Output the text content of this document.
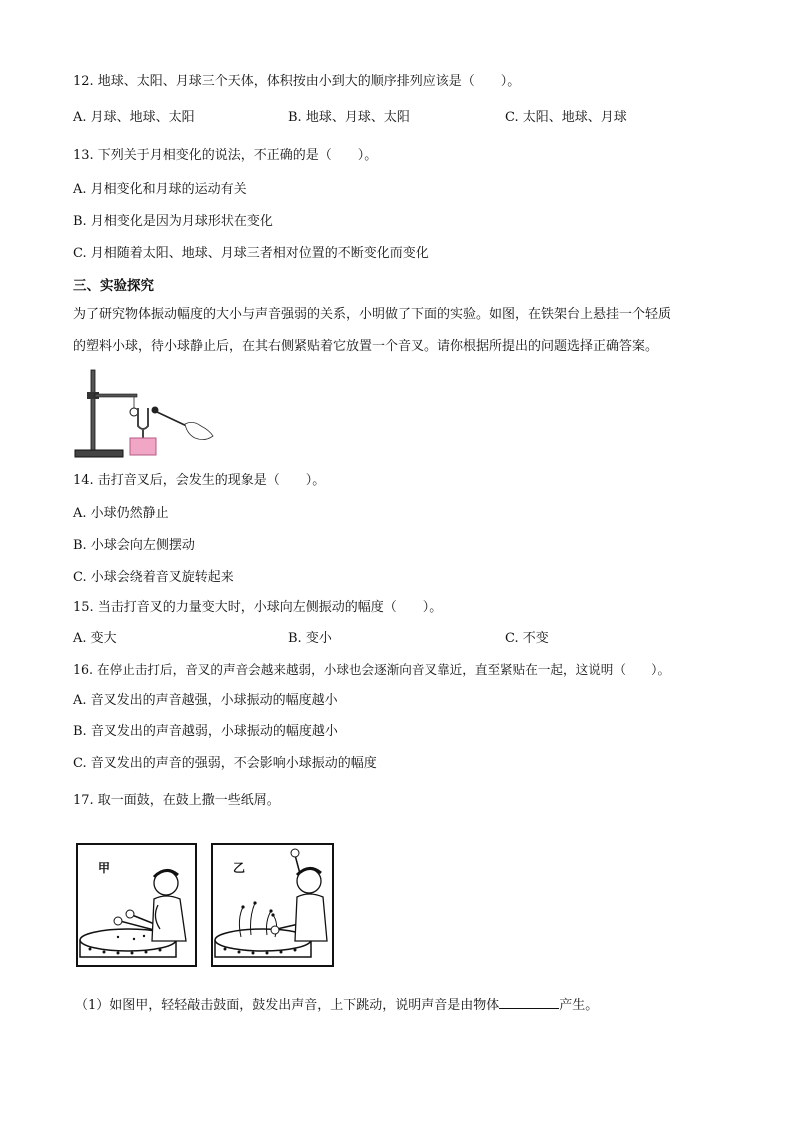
12. 地球、太阳、月球三个天体，体积按由小到大的顺序排列应该是（　　）。
A. 月球、地球、太阳	B. 地球、月球、太阳	C. 太阳、地球、月球
13. 下列关于月相变化的说法，不正确的是（　　）。
A. 月相变化和月球的运动有关
B. 月相变化是因为月球形状在变化
C. 月相随着太阳、地球、月球三者相对位置的不断变化而变化
三、实验探究
为了研究物体振动幅度的大小与声音强弱的关系，小明做了下面的实验。如图，在铁架台上悬挂一个轻质
的塑料小球，待小球静止后，在其右侧紧贴着它放置一个音叉。请你根据所提出的问题选择正确答案。
14. 击打音叉后，会发生的现象是（　　）。
A. 小球仍然静止
B. 小球会向左侧摆动
C. 小球会绕着音叉旋转起来
15. 当击打音叉的力量变大时，小球向左侧振动的幅度（　　）。
A. 变大	B. 变小	C. 不变
16. 在停止击打后，音叉的声音会越来越弱，小球也会逐渐向音叉靠近，直至紧贴在一起，这说明（　　）。
A. 音叉发出的声音越强，小球振动的幅度越小
B. 音叉发出的声音越弱，小球振动的幅度越小
C. 音叉发出的声音的强弱，不会影响小球振动的幅度
17. 取一面鼓，在鼓上撒一些纸屑。
甲	乙
（1）如图甲，轻轻敲击鼓面，鼓发出声音，上下跳动，说明声音是由物体	产生。
